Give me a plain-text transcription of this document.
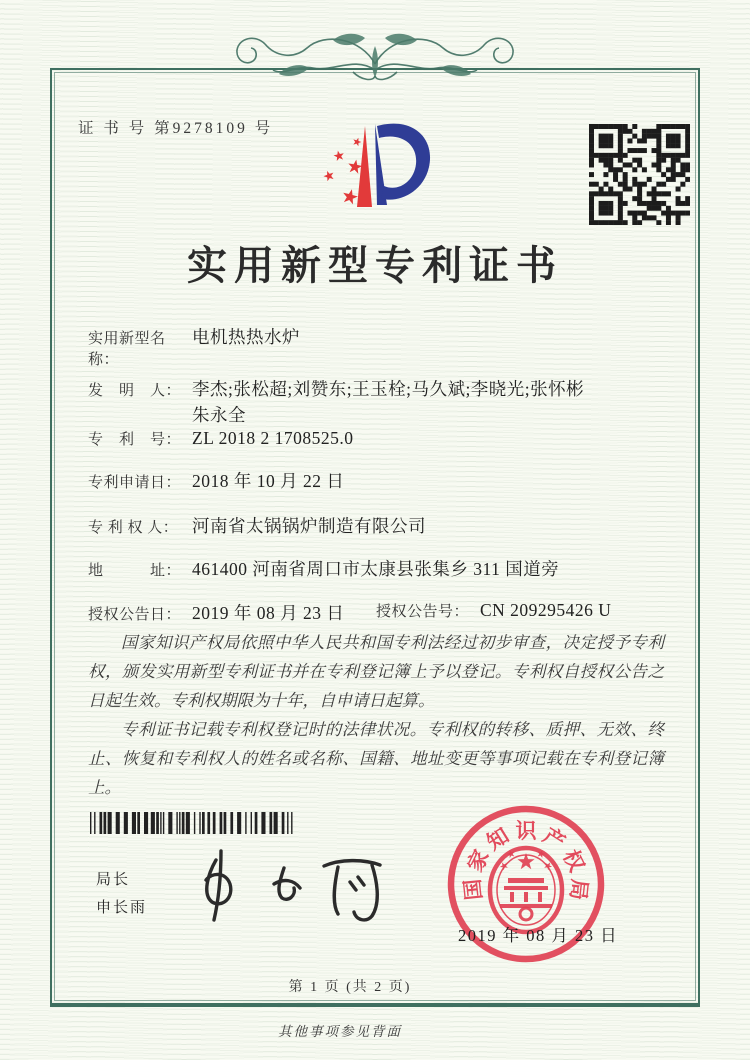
证 书 号 第9278109 号
实用新型专利证书
实用新型名称：
电机热热水炉
发　明　人： 李杰;张松超;刘赞东;王玉栓;马久斌;李晓光;张怀彬
朱永全
专　利　号： ZL 2018 2 1708525.0
专利申请日： 2018 年 10 月 22 日
专 利 权 人： 河南省太锅锅炉制造有限公司
地　　　址： 461400 河南省周口市太康县张集乡 311 国道旁
授权公告日： 2019 年 08 月 23 日 授权公告号： CN 209295426 U

国家知识产权局依照中华人民共和国专利法经过初步审查，决定授予专利权，颁发实用新型专利证书并在专利登记簿上予以登记。专利权自授权公告之日起生效。专利权期限为十年，自申请日起算。

专利证书记载专利权登记时的法律状况。专利权的转移、质押、无效、终止、恢复和专利权人的姓名或名称、国籍、地址变更等事项记载在专利登记簿上。

局长
申长雨
国
家
知 识 产
权
局
2019 年 08 月 23 日
第 1 页 (共 2 页)
其他事项参见背面
